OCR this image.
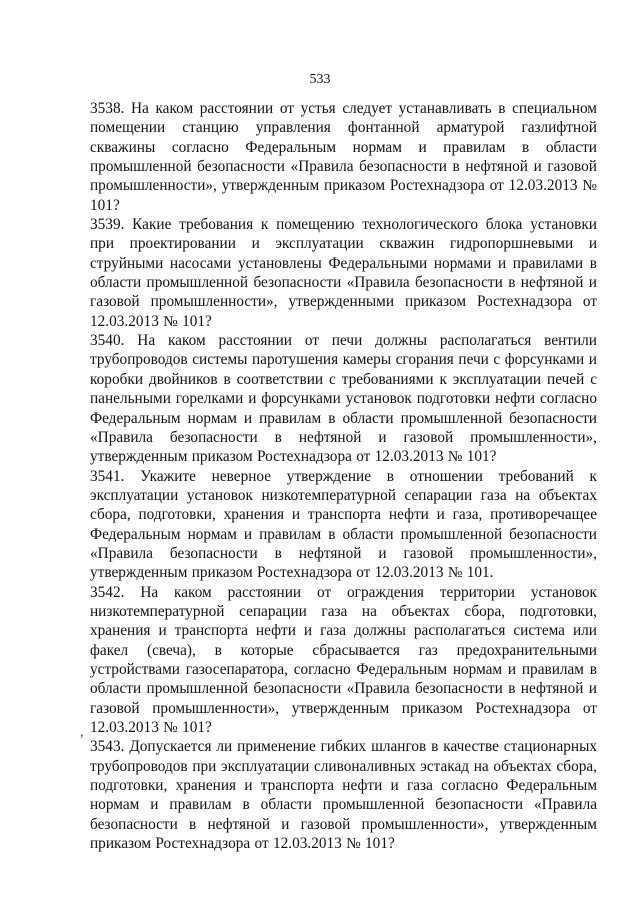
533

3538. На каком расстоянии от устья следует устанавливать в специальном помещении станцию управления фонтанной арматурой газлифтной скважины согласно Федеральным нормам и правилам в области промышленной безопасности «Правила безопасности в нефтяной и газовой промышленности», утвержденным приказом Ростехнадзора от 12.03.2013 № 101?

3539. Какие требования к помещению технологического блока установки при проектировании и эксплуатации скважин гидропоршневыми и струйными насосами установлены Федеральными нормами и правилами в области промышленной безопасности «Правила безопасности в нефтяной и газовой промышленности», утвержденными приказом Ростехнадзора от 12.03.2013 № 101?

3540. На каком расстоянии от печи должны располагаться вентили трубопроводов системы паротушения камеры сгорания печи с форсунками и коробки двойников в соответствии с требованиями к эксплуатации печей с панельными горелками и форсунками установок подготовки нефти согласно Федеральным нормам и правилам в области промышленной безопасности «Правила безопасности в нефтяной и газовой промышленности», утвержденным приказом Ростехнадзора от 12.03.2013 № 101?

3541. Укажите неверное утверждение в отношении требований к эксплуатации установок низкотемпературной сепарации газа на объектах сбора, подготовки, хранения и транспорта нефти и газа, противоречащее Федеральным нормам и правилам в области промышленной безопасности «Правила безопасности в нефтяной и газовой промышленности», утвержденным приказом Ростехнадзора от 12.03.2013 № 101.

3542. На каком расстоянии от ограждения территории установок низкотемпературной сепарации газа на объектах сбора, подготовки, хранения и транспорта нефти и газа должны располагаться система или факел (свеча), в которые сбрасывается газ предохранительными устройствами газосепаратора, согласно Федеральным нормам и правилам в области промышленной безопасности «Правила безопасности в нефтяной и газовой промышленности», утвержденным приказом Ростехнадзора от 12.03.2013 № 101?

3543. Допускается ли применение гибких шлангов в качестве стационарных трубопроводов при эксплуатации сливоналивных эстакад на объектах сбора, подготовки, хранения и транспорта нефти и газа согласно Федеральным нормам и правилам в области промышленной безопасности «Правила безопасности в нефтяной и газовой промышленности», утвержденным приказом Ростехнадзора от 12.03.2013 № 101?

,
